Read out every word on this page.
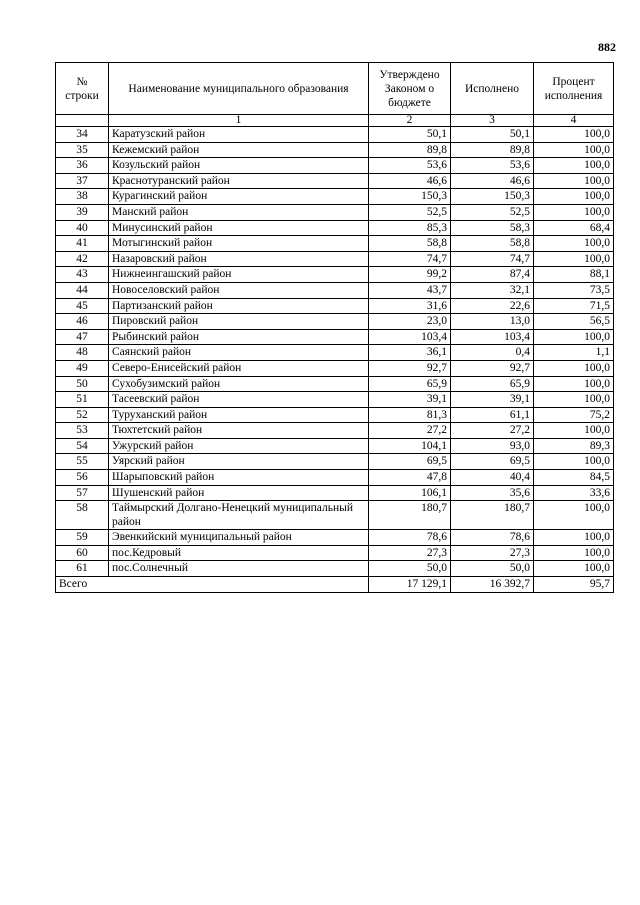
882
№ строки	Наименование муниципального образования	Утверждено Законом о бюджете	Исполнено	Процент исполнения
	1	2	3	4
34	Каратузский район	50,1	50,1	100,0
35	Кежемский район	89,8	89,8	100,0
36	Козульский район	53,6	53,6	100,0
37	Краснотуранский район	46,6	46,6	100,0
38	Курагинский район	150,3	150,3	100,0
39	Манский район	52,5	52,5	100,0
40	Минусинский район	85,3	58,3	68,4
41	Мотыгинский район	58,8	58,8	100,0
42	Назаровский район	74,7	74,7	100,0
43	Нижнеингашский район	99,2	87,4	88,1
44	Новоселовский район	43,7	32,1	73,5
45	Партизанский район	31,6	22,6	71,5
46	Пировский район	23,0	13,0	56,5
47	Рыбинский район	103,4	103,4	100,0
48	Саянский район	36,1	0,4	1,1
49	Северо-Енисейский район	92,7	92,7	100,0
50	Сухобузимский район	65,9	65,9	100,0
51	Тасеевский район	39,1	39,1	100,0
52	Туруханский район	81,3	61,1	75,2
53	Тюхтетский район	27,2	27,2	100,0
54	Ужурский район	104,1	93,0	89,3
55	Уярский район	69,5	69,5	100,0
56	Шарыповский район	47,8	40,4	84,5
57	Шушенский район	106,1	35,6	33,6
58	Таймырский Долгано-Ненецкий муниципальный район	180,7	180,7	100,0
59	Эвенкийский муниципальный район	78,6	78,6	100,0
60	пос.Кедровый	27,3	27,3	100,0
61	пос.Солнечный	50,0	50,0	100,0
Всего		17 129,1	16 392,7	95,7
